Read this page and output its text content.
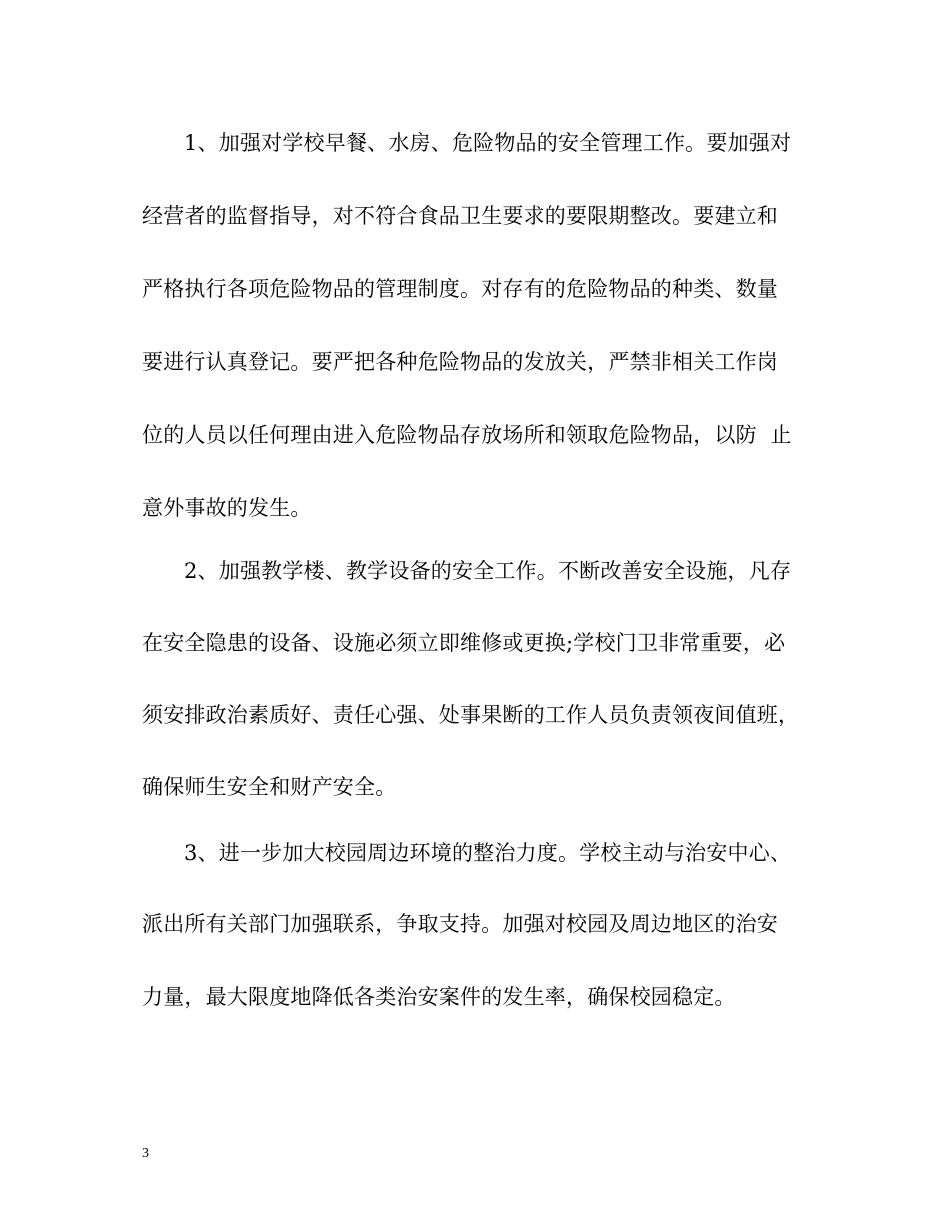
1、加强对学校早餐、水房、危险物品的安全管理工作。要加强对
经营者的监督指导，对不符合食品卫生要求的要限期整改。要建立和
严格执行各项危险物品的管理制度。对存有的危险物品的种类、数量
要进行认真登记。要严把各种危险物品的发放关，严禁非相关工作岗
位的人员以任何理由进入危险物品存放场所和领取危险物品，以防  止
意外事故的发生。
2、加强教学楼、教学设备的安全工作。不断改善安全设施，凡存
在安全隐患的设备、设施必须立即维修或更换;学校门卫非常重要，必
须安排政治素质好、责任心强、处事果断的工作人员负责领夜间值班，
确保师生安全和财产安全。
3、进一步加大校园周边环境的整治力度。学校主动与治安中心、
派出所有关部门加强联系，争取支持。加强对校园及周边地区的治安
力量，最大限度地降低各类治安案件的发生率，确保校园稳定。
3
